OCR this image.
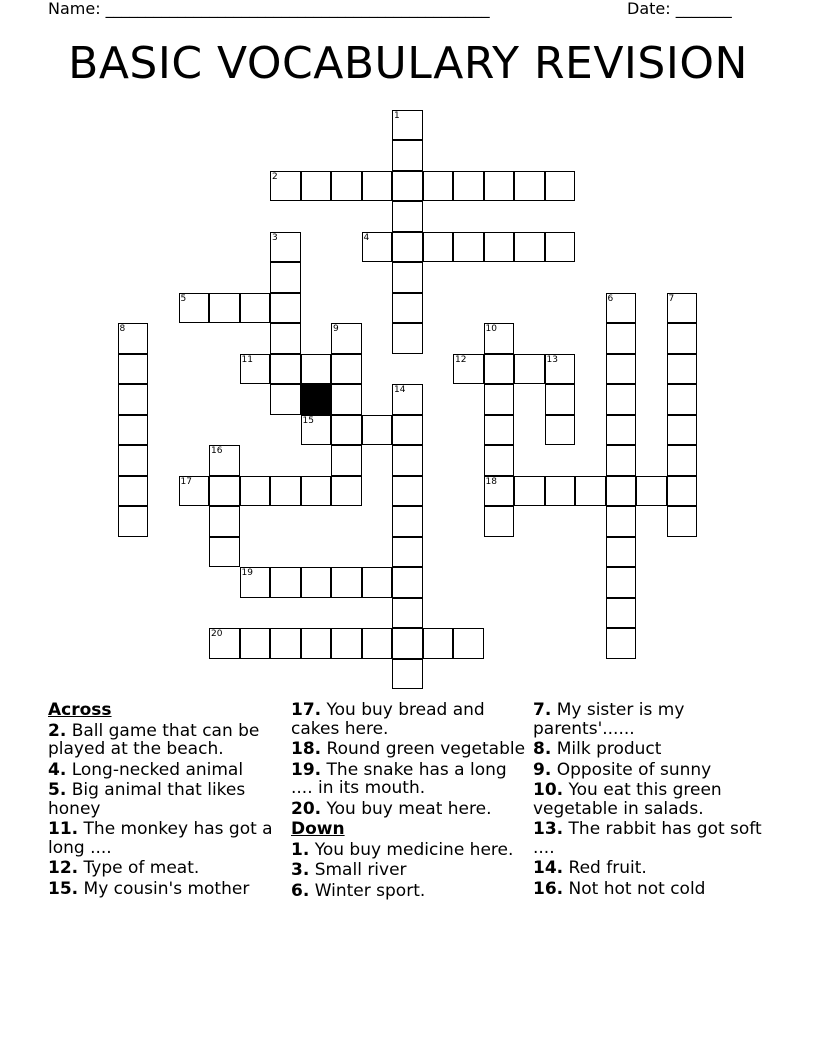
Name: ________________________________________________	Date: _______
BASIC VOCABULARY REVISION
1
2
3	4
5	6	7
8	9	10
11	12	13
14
15
16
17	18
19
20
Across
2. Ball game that can be played at the beach.
4. Long-necked animal
5. Big animal that likes honey
11. The monkey has got a long ....
12. Type of meat.
15. My cousin's mother
17. You buy bread and cakes here.
18. Round green vegetable
19. The snake has a long .... in its mouth.
20. You buy meat here.
Down
1. You buy medicine here.
3. Small river
6. Winter sport.
7. My sister is my parents'......
8. Milk product
9. Opposite of sunny
10. You eat this green vegetable in salads.
13. The rabbit has got soft ....
14. Red fruit.
16. Not hot not cold
